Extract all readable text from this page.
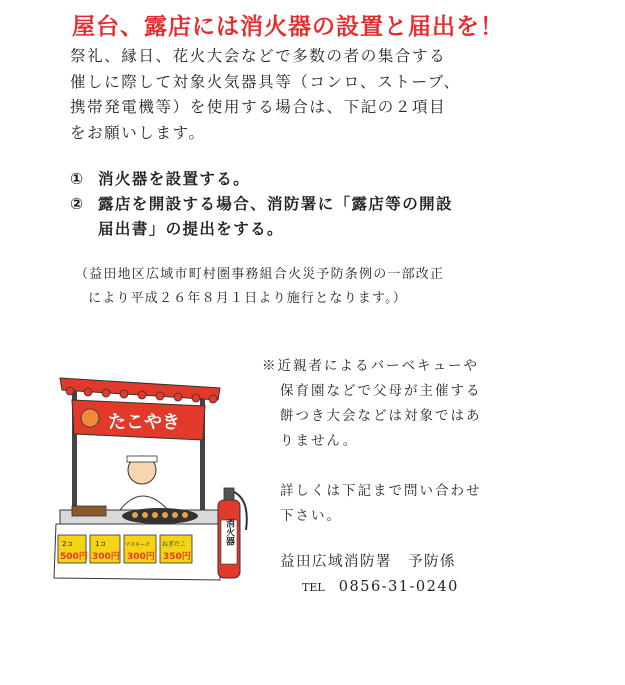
屋台、露店には消火器の設置と届出を！
祭礼、縁日、花火大会などで多数の者の集合する
催しに際して対象火気器具等（コンロ、ストーブ、
携帯発電機等）を使用する場合は、下記の２項目
をお願いします。
① 消火器を設置する。
② 露店を開設する場合、消防署に「露店等の開設
届出書」の提出をする。
（益田地区広域市町村圏事務組合火災予防条例の一部改正
により平成２６年８月１日より施行となります。）
※近親者によるバーベキューや
保育園などで父母が主催する
餅つき大会などは対象ではあ
りません。
詳しくは下記まで問い合わせ
下さい。
益田広域消防署　予防係
TEL 0856-31-0240
たこやき
2コ
500円
1コ
300円
マヨネーズ
300円
ねぎだこ
350円
消火器
